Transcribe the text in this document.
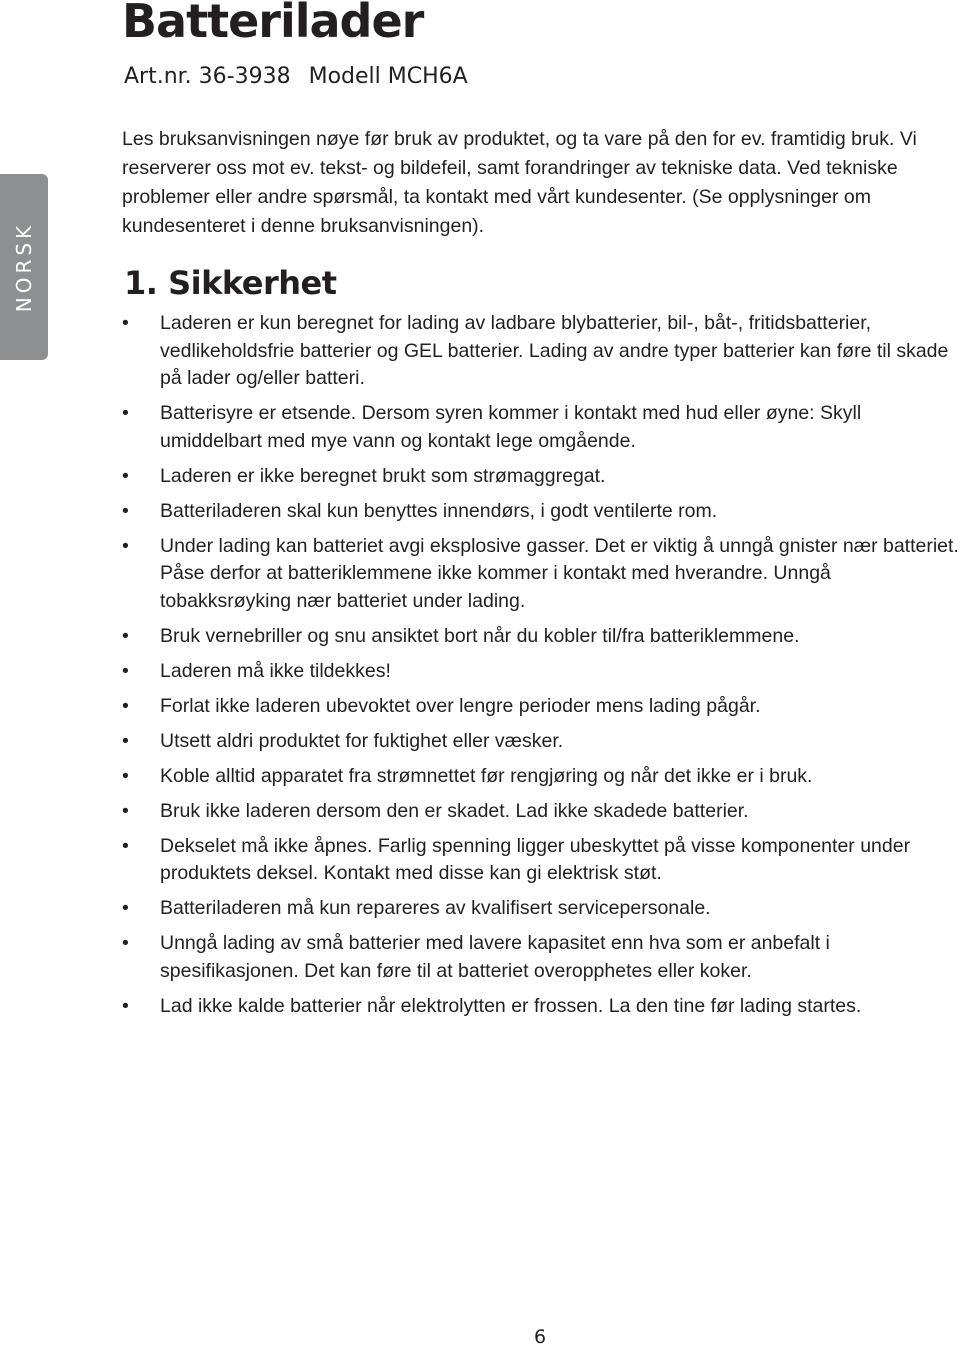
NORSK
Batterilader
Art.nr. 36-3938 Modell MCH6A

Les bruksanvisningen nøye før bruk av produktet, og ta vare på den for ev. framtidig bruk. Vi reserverer oss mot ev. tekst- og bildefeil, samt forandringer av tekniske data. Ved tekniske problemer eller andre spørsmål, ta kontakt med vårt kundesenter. (Se opplysninger om kundesenteret i denne bruksanvisningen).

1. Sikkerhet
• Laderen er kun beregnet for lading av ladbare blybatterier, bil-, båt-, fritidsbatterier, vedlikeholdsfrie batterier og GEL batterier. Lading av andre typer batterier kan føre til skade på lader og/eller batteri.
• Batterisyre er etsende. Dersom syren kommer i kontakt med hud eller øyne: Skyll umiddelbart med mye vann og kontakt lege omgående.
• Laderen er ikke beregnet brukt som strømaggregat.
• Batteriladeren skal kun benyttes innendørs, i godt ventilerte rom.
• Under lading kan batteriet avgi eksplosive gasser. Det er viktig å unngå gnister nær batteriet. Påse derfor at batteriklemmene ikke kommer i kontakt med hverandre. Unngå tobakksrøyking nær batteriet under lading.
• Bruk vernebriller og snu ansiktet bort når du kobler til/fra batteriklemmene.
• Laderen må ikke tildekkes!
• Forlat ikke laderen ubevoktet over lengre perioder mens lading pågår.
• Utsett aldri produktet for fuktighet eller væsker.
• Koble alltid apparatet fra strømnettet før rengjøring og når det ikke er i bruk.
• Bruk ikke laderen dersom den er skadet. Lad ikke skadede batterier.
• Dekselet må ikke åpnes. Farlig spenning ligger ubeskyttet på visse komponenter under produktets deksel. Kontakt med disse kan gi elektrisk støt.
• Batteriladeren må kun repareres av kvalifisert servicepersonale.
• Unngå lading av små batterier med lavere kapasitet enn hva som er anbefalt i spesifikasjonen. Det kan føre til at batteriet overopphetes eller koker.
• Lad ikke kalde batterier når elektrolytten er frossen. La den tine før lading startes.
6
